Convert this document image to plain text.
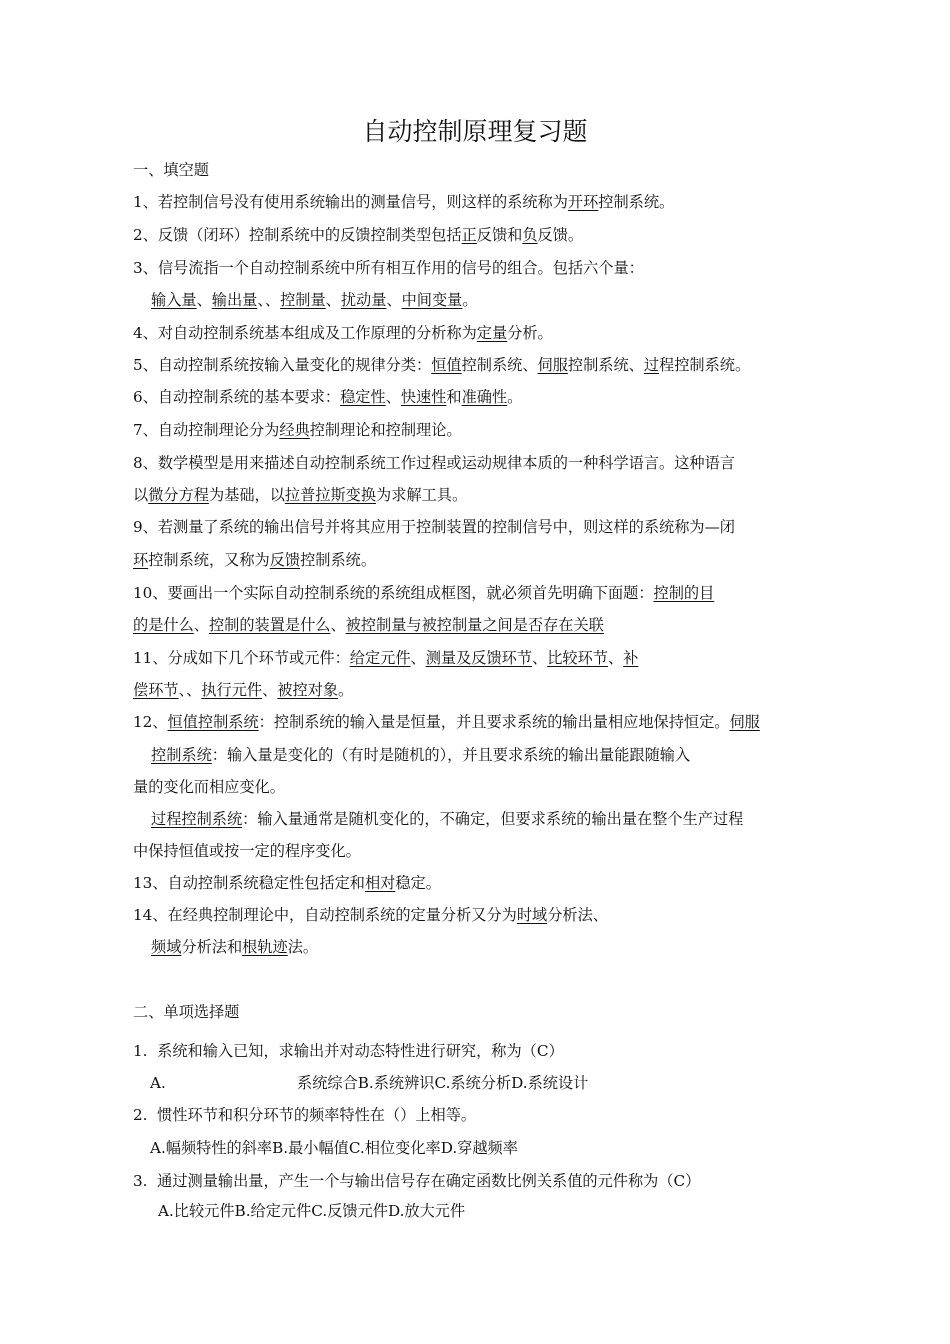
自动控制原理复习题
一、填空题
1、若控制信号没有使用系统输出的测量信号，则这样的系统称为开环控制系统。
2、反馈（闭环）控制系统中的反馈控制类型包括正反馈和负反馈。
3、信号流指一个自动控制系统中所有相互作用的信号的组合。包括六个量：
输入量、输出量、、控制量、扰动量、中间变量。
4、对自动控制系统基本组成及工作原理的分析称为定量分析。
5、自动控制系统按输入量变化的规律分类：恒值控制系统、伺服控制系统、过程控制系统。
6、自动控制系统的基本要求：稳定性、快速性和准确性。
7、自动控制理论分为经典控制理论和控制理论。
8、数学模型是用来描述自动控制系统工作过程或运动规律本质的一种科学语言。这种语言
以微分方程为基础，以拉普拉斯变换为求解工具。
9、若测量了系统的输出信号并将其应用于控制装置的控制信号中，则这样的系统称为—闭
环控制系统，又称为反馈控制系统。
10、要画出一个实际自动控制系统的系统组成框图，就必须首先明确下面题：控制的目
的是什么、控制的装置是什么、被控制量与被控制量之间是否存在关联
11、分成如下几个环节或元件：给定元件、测量及反馈环节、比较环节、补
偿环节、、执行元件、被控对象。
12、恒值控制系统：控制系统的输入量是恒量，并且要求系统的输出量相应地保持恒定。伺服
控制系统：输入量是变化的（有时是随机的），并且要求系统的输出量能跟随输入
量的变化而相应变化。
过程控制系统：输入量通常是随机变化的，不确定，但要求系统的输出量在整个生产过程
中保持恒值或按一定的程序变化。
13、自动控制系统稳定性包括定和相对稳定。
14、在经典控制理论中，自动控制系统的定量分析又分为时域分析法、
频域分析法和根轨迹法。
二、单项选择题
1.  系统和输入已知，求输出并对动态特性进行研究，称为（C）
A.	系统综合B.系统辨识C.系统分析D.系统设计
2.  惯性环节和积分环节的频率特性在（）上相等。
A.幅频特性的斜率B.最小幅值C.相位变化率D.穿越频率
3.  通过测量输出量，产生一个与输出信号存在确定函数比例关系值的元件称为（C）
A.比较元件B.给定元件C.反馈元件D.放大元件
